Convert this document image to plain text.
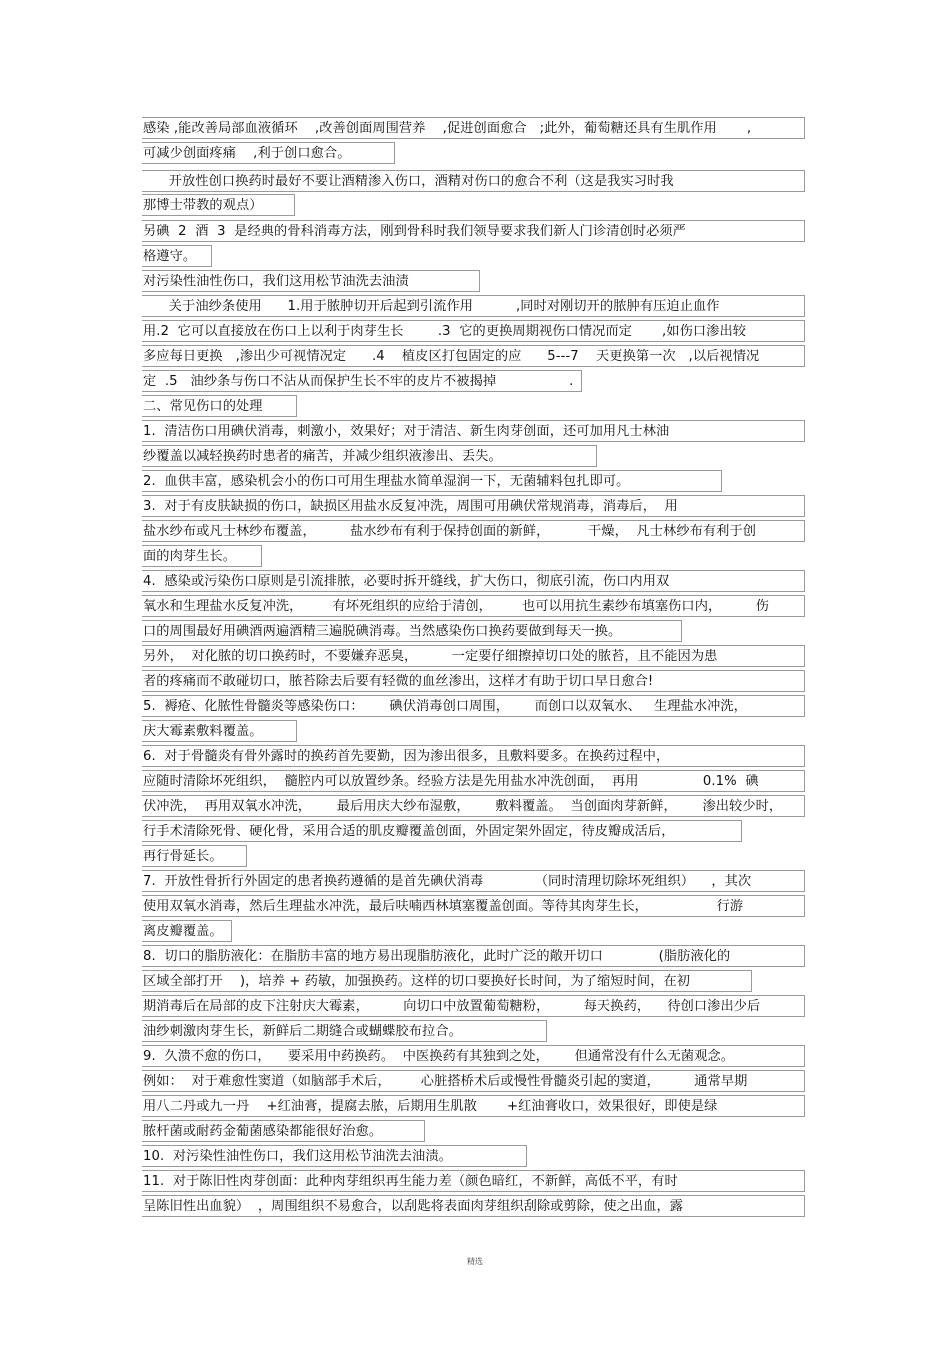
感染 ,能改善局部血液循环    ,改善创面周围营养    ,促进创面愈合   ;此外，葡萄糖还具有生肌作用       ,
可减少创面疼痛    ,利于创口愈合。
开放性创口换药时最好不要让酒精渗入伤口，酒精对伤口的愈合不利（这是我实习时我
那博士带教的观点）
另碘  2  酒  3  是经典的骨科消毒方法，刚到骨科时我们领导要求我们新人门诊清创时必须严
格遵守。
对污染性油性伤口，我们这用松节油洗去油渍
关于油纱条使用      1.用于脓肿切开后起到引流作用          ,同时对刚切开的脓肿有压迫止血作
用.2  它可以直接放在伤口上以利于肉芽生长        .3  它的更换周期视伤口情况而定       ,如伤口渗出较
多应每日更换   ,渗出少可视情况定      .4    植皮区打包固定的应      5---7    天更换第一次   ,以后视情况
定  .5   油纱条与伤口不沾从而保护生长不牢的皮片不被揭掉                 .
二、常见伤口的处理
1.  清洁伤口用碘伏消毒，刺激小，效果好；对于清洁、新生肉芽创面，还可加用凡士林油
纱覆盖以减轻换药时患者的痛苦，并减少组织液渗出、丢失。
2.  血供丰富，感染机会小的伤口可用生理盐水简单湿润一下，无菌辅料包扎即可。
3.  对于有皮肤缺损的伤口，缺损区用盐水反复冲洗，周围可用碘伏常规消毒，消毒后，  用
盐水纱布或凡士林纱布覆盖，        盐水纱布有利于保持创面的新鲜，         干燥，  凡士林纱布有利于创
面的肉芽生长。
4.  感染或污染伤口原则是引流排脓，必要时拆开缝线，扩大伤口，彻底引流，伤口内用双
氧水和生理盐水反复冲洗，       有坏死组织的应给于清创，       也可以用抗生素纱布填塞伤口内，        伤
口的周围最好用碘酒两遍酒精三遍脱碘消毒。当然感染伤口换药要做到每天一换。
另外，  对化脓的切口换药时，不要嫌弃恶臭，        一定要仔细擦掉切口处的脓苔，且不能因为患
者的疼痛而不敢碰切口，脓苔除去后要有轻微的血丝渗出，这样才有助于切口早日愈合!
5.  褥疮、化脓性骨髓炎等感染伤口：      碘伏消毒创口周围，      而创口以双氧水、   生理盐水冲洗，
庆大霉素敷料覆盖。
6.  对于骨髓炎有骨外露时的换药首先要勤，因为渗出很多，且敷料要多。在换药过程中，
应随时清除坏死组织，  髓腔内可以放置纱条。经验方法是先用盐水冲洗创面，  再用               0.1%  碘
伏冲洗，  再用双氧水冲洗，      最后用庆大纱布湿敷，      敷料覆盖。  当创面肉芽新鲜，      渗出较少时，
行手术清除死骨、硬化骨，采用合适的肌皮瓣覆盖创面，外固定架外固定，待皮瓣成活后，
再行骨延长。
7.  开放性骨折行外固定的患者换药遵循的是首先碘伏消毒            （同时清理切除坏死组织）    ，其次
使用双氧水消毒，然后生理盐水冲洗，最后呋喃西林填塞覆盖创面。等待其肉芽生长，                行游
离皮瓣覆盖。
8.  切口的脂肪液化：在脂肪丰富的地方易出现脂肪液化，此时广泛的敞开切口             (脂肪液化的
区域全部打开    )，培养 + 药敏，加强换药。这样的切口要换好长时间，为了缩短时间，在初
期消毒后在局部的皮下注射庆大霉素，        向切口中放置葡萄糖粉，        每天换药，    待创口渗出少后
油纱刺激肉芽生长，新鲜后二期缝合或蝴蝶胶布拉合。
9.  久溃不愈的伤口，    要采用中药换药。  中医换药有其独到之处，      但通常没有什么无菌观念。
例如：  对于难愈性窦道（如脑部手术后，       心脏搭桥术后或慢性骨髓炎引起的窦道，        通常早期
用八二丹或九一丹    +红油膏，提腐去脓，后期用生肌散       +红油膏收口，效果很好，即使是绿
脓杆菌或耐药金葡菌感染都能很好治愈。
10.  对污染性油性伤口，我们这用松节油洗去油渍。
11.  对于陈旧性肉芽创面：此种肉芽组织再生能力差（颜色暗红，不新鲜，高低不平，有时
呈陈旧性出血貌）  ，周围组织不易愈合，以刮匙将表面肉芽组织刮除或剪除，使之出血，露
精选
